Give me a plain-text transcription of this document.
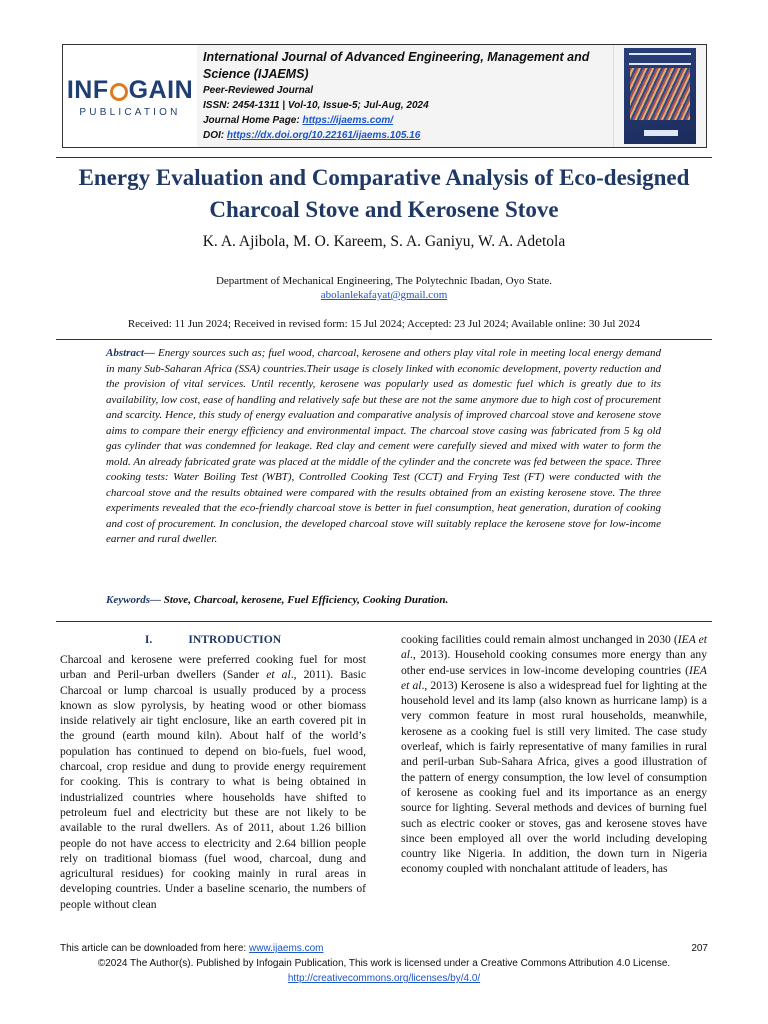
INF GAIN
PUBLICATION
International Journal of Advanced Engineering, Management and Science (IJAEMS)
Peer-Reviewed Journal
ISSN: 2454-1311 | Vol-10, Issue-5; Jul-Aug, 2024
Journal Home Page: https://ijaems.com/
DOI: https://dx.doi.org/10.22161/ijaems.105.16
Energy Evaluation and Comparative Analysis of Eco-designed Charcoal Stove and Kerosene Stove
K. A. Ajibola, M. O. Kareem, S. A. Ganiyu, W. A. Adetola
Department of Mechanical Engineering, The Polytechnic Ibadan, Oyo State.
abolanlekafayat@gmail.com
Received: 11 Jun 2024; Received in revised form: 15 Jul 2024; Accepted: 23 Jul 2024; Available online: 30 Jul 2024

Abstract— Energy sources such as; fuel wood, charcoal, kerosene and others play vital role in meeting local energy demand in many Sub-Saharan Africa (SSA) countries.Their usage is closely linked with economic development, poverty reduction and the provision of vital services. Until recently, kerosene was popularly used as domestic fuel which is greatly due to its availability, low cost, ease of handling and relatively safe but these are not the same anymore due to high cost of procurement and scarcity. Hence, this study of energy evaluation and comparative analysis of improved charcoal stove and kerosene stove aims to compare their energy efficiency and environmental impact. The charcoal stove casing was fabricated from 5 kg old gas cylinder that was condemned for leakage. Red clay and cement were carefully sieved and mixed with water to form the mold. An already fabricated grate was placed at the middle of the cylinder and the concrete was fed between the space. Three cooking tests: Water Boiling Test (WBT), Controlled Cooking Test (CCT) and Frying Test (FT) were conducted with the charcoal stove and the results obtained were compared with the results obtained from an existing kerosene stove. The three experiments revealed that the eco-friendly charcoal stove is better in fuel consumption, heat generation, duration of cooking and cost of procurement. In conclusion, the developed charcoal stove will suitably replace the kerosene stove for low-income earner and rural dweller.

Keywords— Stove, Charcoal, kerosene, Fuel Efficiency, Cooking Duration.

I.	INTRODUCTION

Charcoal and kerosene were preferred cooking fuel for most urban and Peril-urban dwellers (Sander et al., 2011). Basic Charcoal or lump charcoal is usually produced by a process known as slow pyrolysis, by heating wood or other biomass inside relatively air tight enclosure, like an earth covered pit in the ground (earth mound kiln). About half of the world’s population has continued to depend on bio-fuels, fuel wood, charcoal, crop residue and dung to provide energy requirement for cooking. This is contrary to what is being obtained in industrialized countries where households have shifted to petroleum fuel and electricity but these are not likely to be available to the rural dwellers. As of 2011, about 1.26 billion people do not have access to electricity and 2.64 billion people rely on traditional biomass (fuel wood, charcoal, dung and agricultural residues) for cooking mainly in rural areas in developing countries. Under a baseline scenario, the numbers of people without clean

cooking facilities could remain almost unchanged in 2030 (IEA et al., 2013). Household cooking consumes more energy than any other end-use services in low-income developing countries (IEA et al., 2013) Kerosene is also a widespread fuel for lighting at the household level and its lamp (also known as hurricane lamp) is a very common feature in most rural households, meanwhile, kerosene as a cooking fuel is still very limited. The case study overleaf, which is fairly representative of many families in rural and peril-urban Sub-Sahara Africa, gives a good illustration of the pattern of energy consumption, the low level of consumption of kerosene as cooking fuel and its importance as an energy source for lighting. Several methods and devices of burning fuel such as electric cooker or stoves, gas and kerosene stoves have since been employed all over the world including developing country like Nigeria. In addition, the down turn in Nigeria economy coupled with nonchalant attitude of leaders, has

This article can be downloaded from here: www.ijaems.com	207
©2024 The Author(s). Published by Infogain Publication, This work is licensed under a Creative Commons Attribution 4.0 License.
http://creativecommons.org/licenses/by/4.0/
